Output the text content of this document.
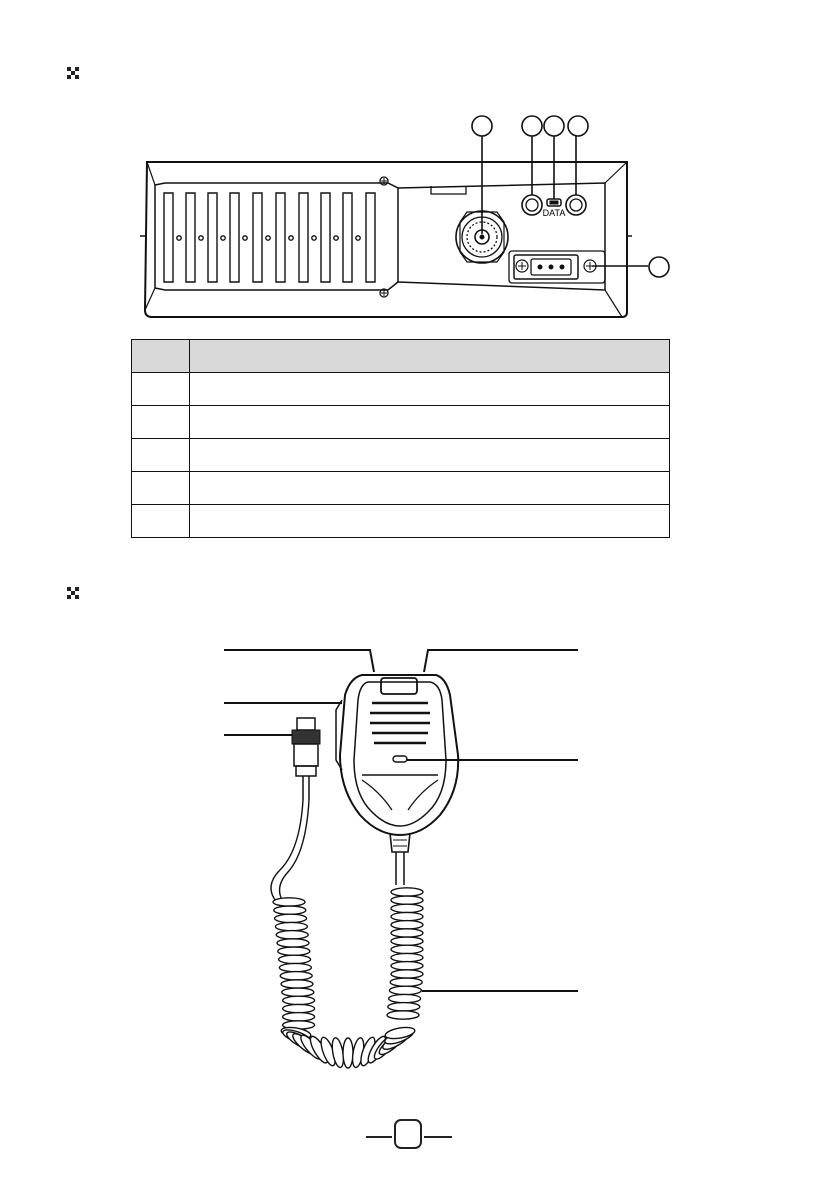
DATA
